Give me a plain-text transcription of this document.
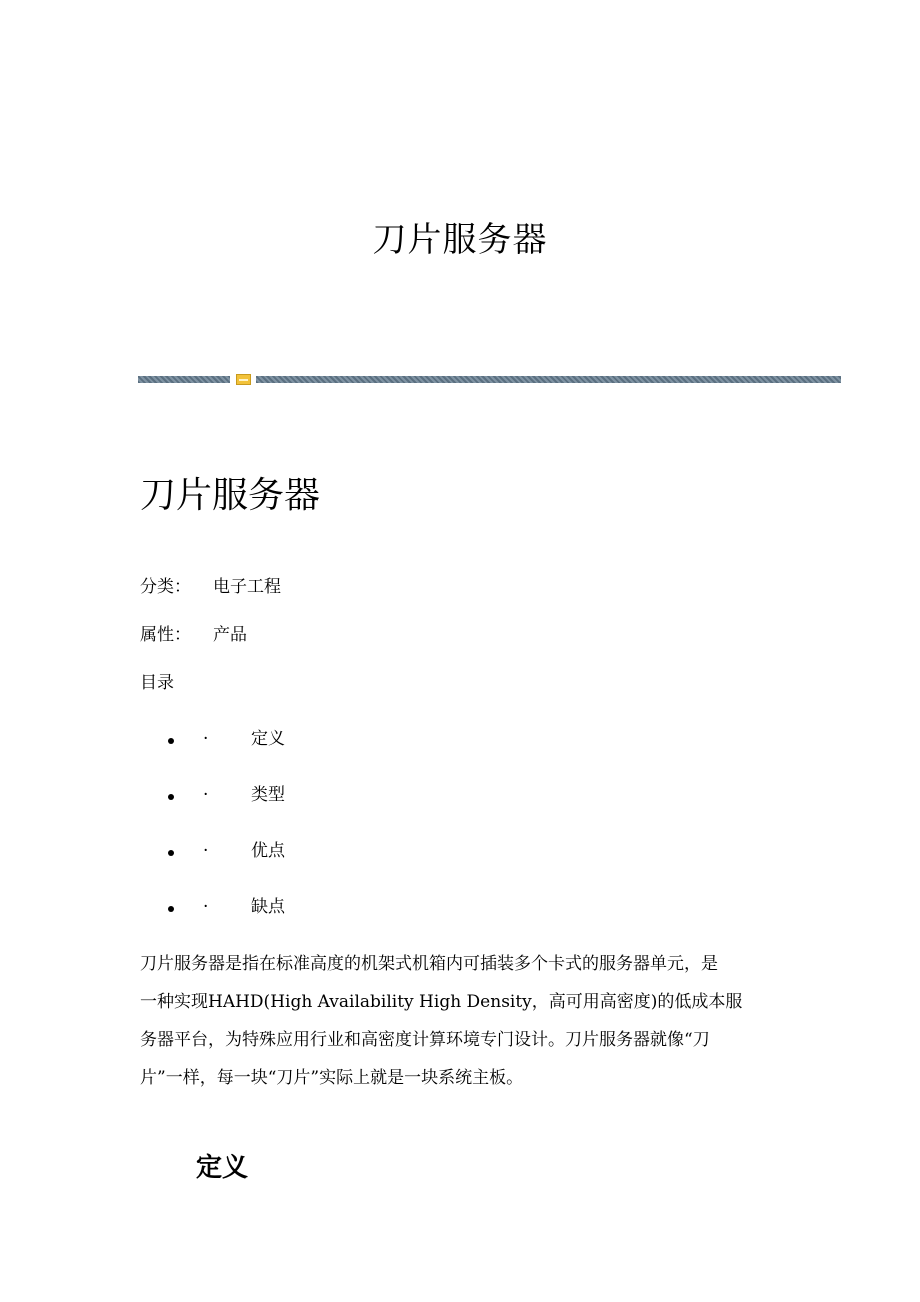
刀片服务器
刀片服务器
分类： 电子工程
属性： 产品
目录
·	定义
·	类型
·	优点
·	缺点
刀片服务器是指在标准高度的机架式机箱内可插装多个卡式的服务器单元，是
一种实现HAHD(High Availability High Density，高可用高密度)的低成本服
务器平台，为特殊应用行业和高密度计算环境专门设计。刀片服务器就像“刀
片”一样，每一块“刀片”实际上就是一块系统主板。
定义
